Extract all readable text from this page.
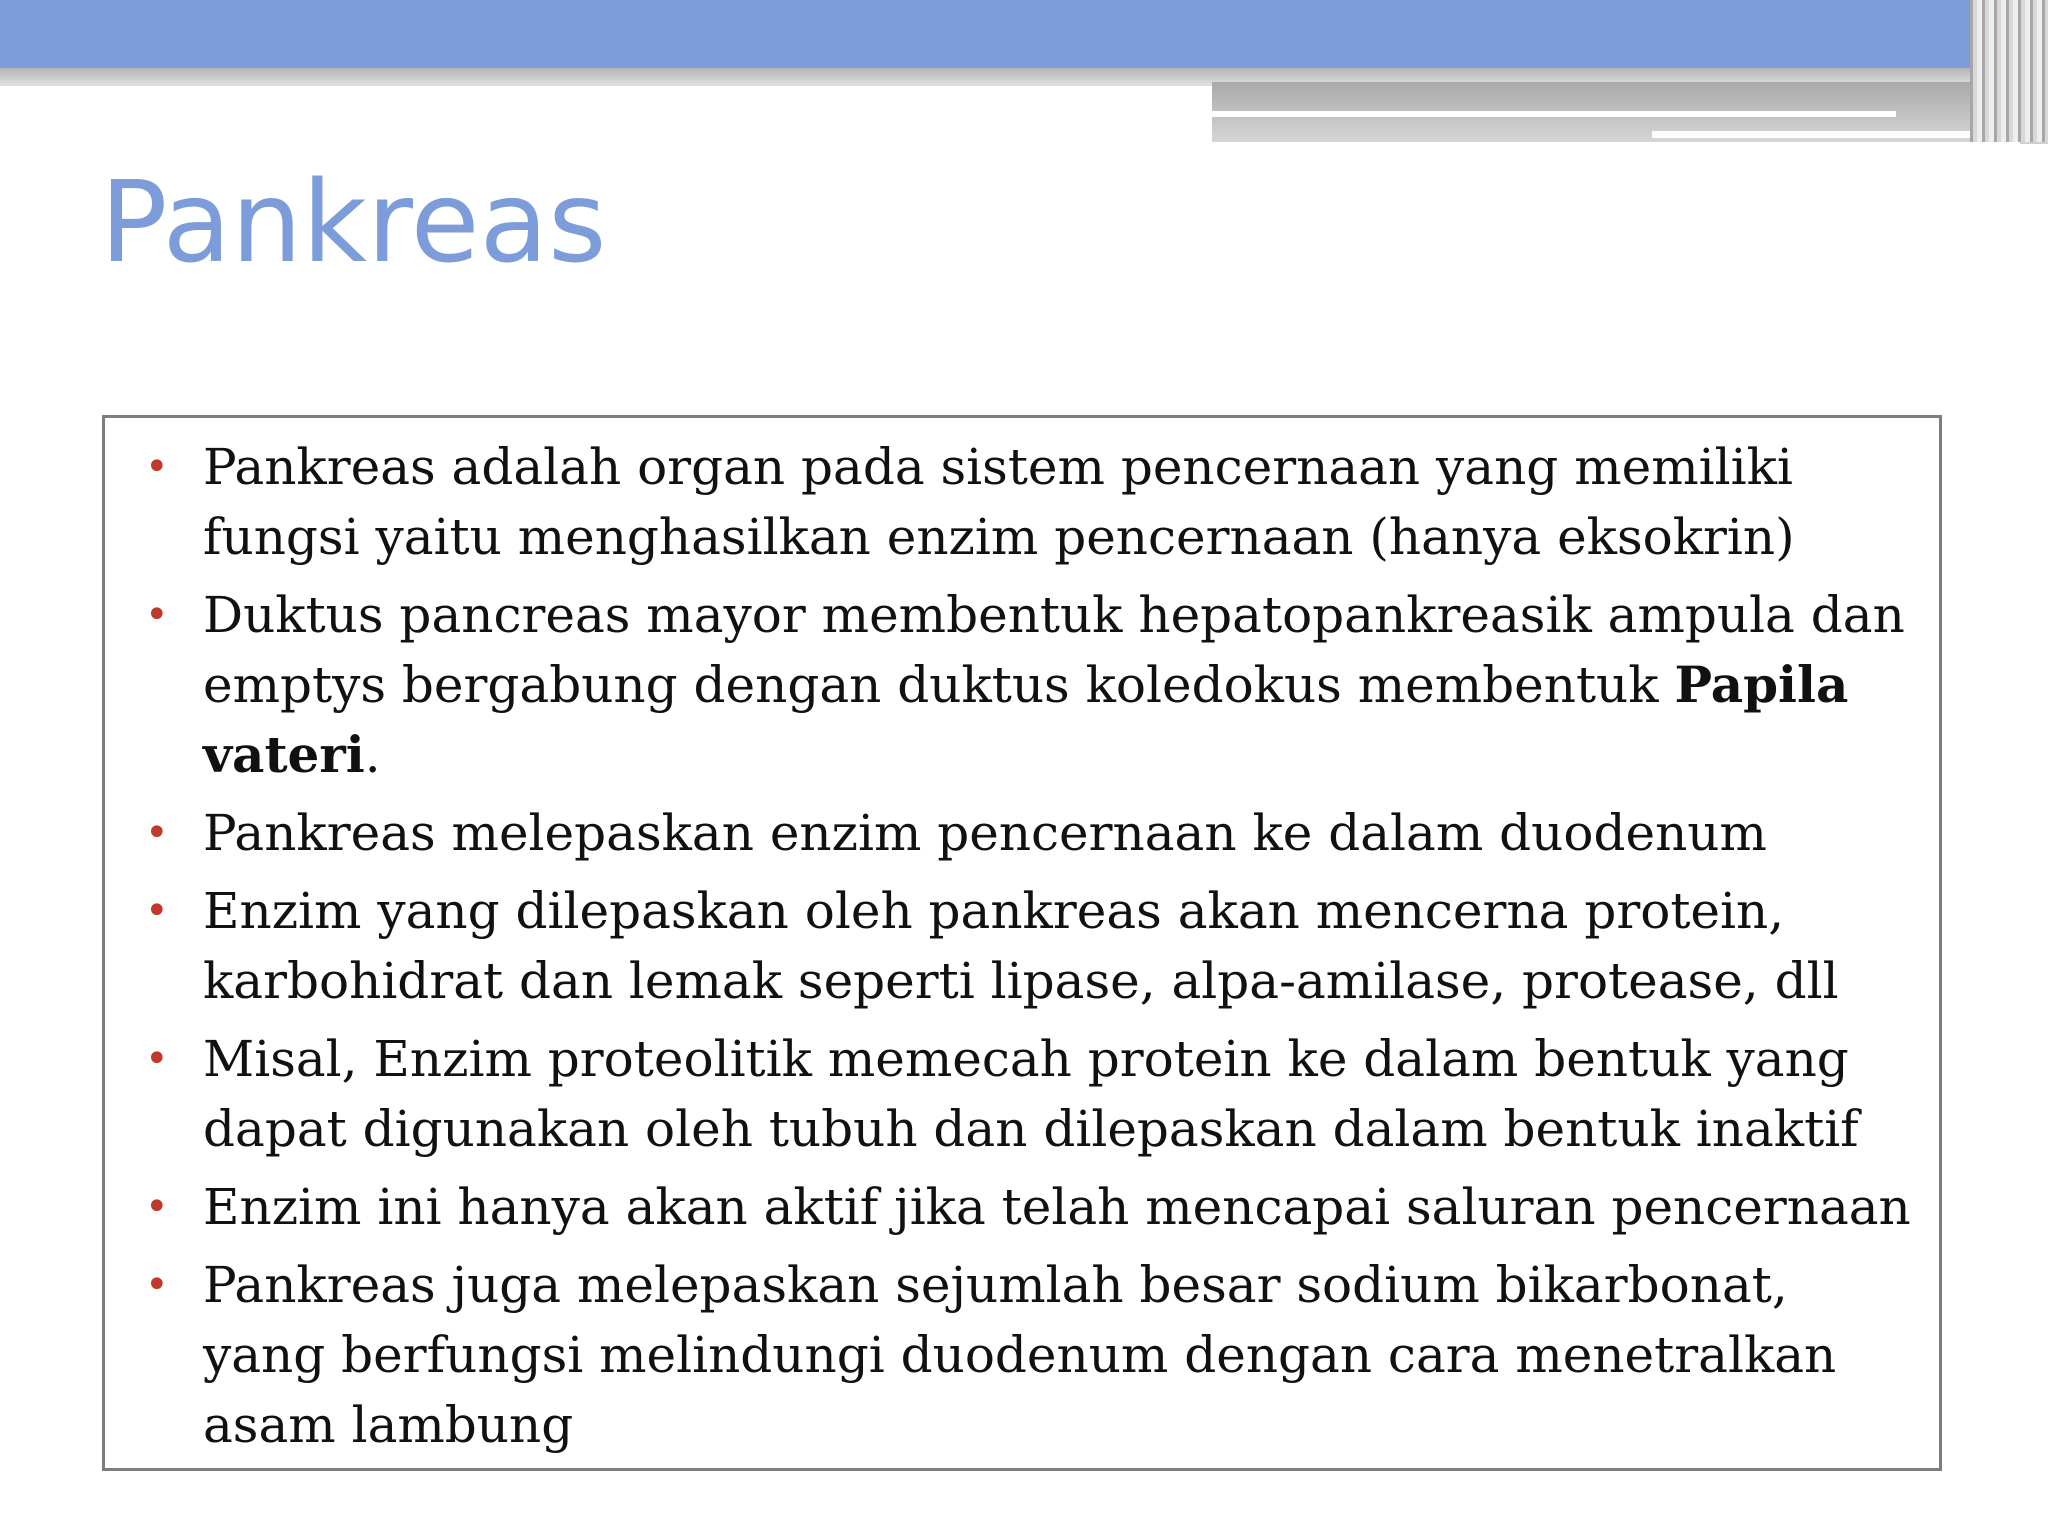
Pankreas
• Pankreas adalah organ pada sistem pencernaan yang memiliki fungsi yaitu menghasilkan enzim pencernaan (hanya eksokrin)
• Duktus pancreas mayor membentuk hepatopankreasik ampula dan emptys bergabung dengan duktus koledokus membentuk Papila vateri.
• Pankreas melepaskan enzim pencernaan ke dalam duodenum
• Enzim yang dilepaskan oleh pankreas akan mencerna protein, karbohidrat dan lemak seperti lipase, alpa-amilase, protease, dll
• Misal, Enzim proteolitik memecah protein ke dalam bentuk yang dapat digunakan oleh tubuh dan dilepaskan dalam bentuk inaktif
• Enzim ini hanya akan aktif jika telah mencapai saluran pencernaan
• Pankreas juga melepaskan sejumlah besar sodium bikarbonat, yang berfungsi melindungi duodenum dengan cara menetralkan asam lambung
